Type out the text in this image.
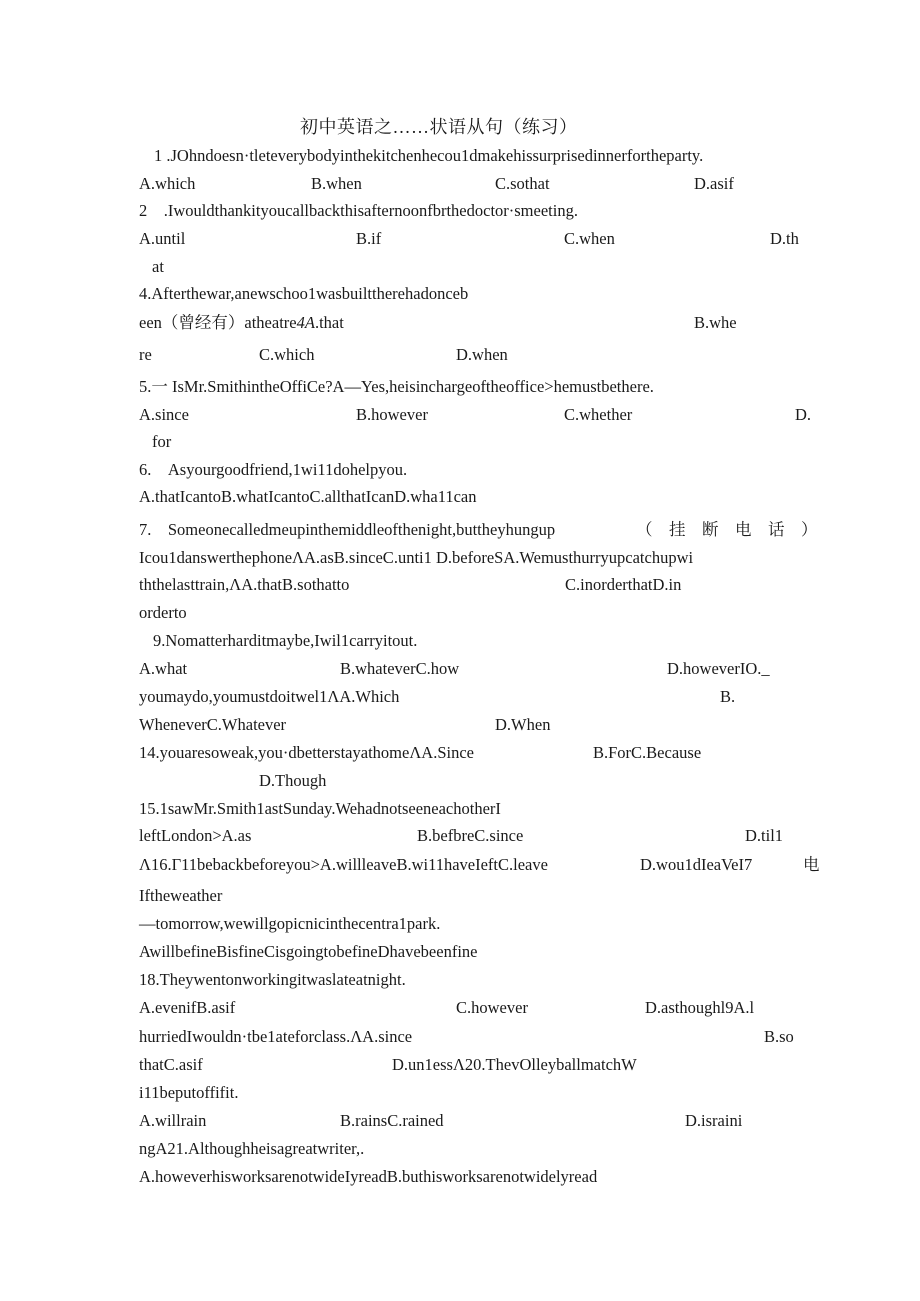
初中英语之……状语从句（练习）
1 .JOhndoesn·tleteverybodyinthekitchenhecou1dmakehissurprisedinnerfortheparty.
A.which	B.when	C.sothat	D.asif
2　.Iwouldthankityoucallbackthisafternoonfbrthedoctor·smeeting.
A.until	B.if	C.when	D.th
at
4.Afterthewar,anewschoo1wasbuilttherehadonceb
een（曾经有）atheatre4A.that	B.whe
re	C.which	D.when
5.一 IsMr.SmithintheOffiCe?A—Yes,heisinchargeoftheoffice>hemustbethere.
A.since	B.however	C.whether	D.
for
6.　Asyourgoodfriend,1wi11dohelpyou.
A.thatIcantoB.whatIcantoC.allthatIcanD.wha11can
7.　Someonecalledmeupinthemiddleofthenight,buttheyhungup	（　挂　断　电　话　）
Icou1danswerthephoneΛA.asB.sinceC.unti1 D.beforeSA.Wemusthurryupcatchupwi
ththelasttrain,ΛA.thatB.sothatto	C.inorderthatD.in
orderto
9.Nomatterharditmaybe,Iwil1carryitout.
A.what	B.whateverC.how	D.howeverIO._
youmaydo,youmustdoitwel1ΛA.Which	B.
WheneverC.Whatever	D.When
14.youaresoweak,you·dbetterstayathomeΛA.Since	B.ForC.Because
D.Though
15.1sawMr.Smith1astSunday.WehadnotseeneachotherI
leftLondon>A.as	B.befbreC.since	D.til1
Λ16.Γ11bebackbeforeyou>A.willleaveB.wi11haveIeftC.leave	D.wou1dIeaVeI7	电
Iftheweather
—tomorrow,wewillgopicnicinthecentra1park.
AwillbefineBisfineCisgoingtobefineDhavebeenfine
18.Theywentonworkingitwaslateatnight.
A.evenifB.asif	C.however	D.asthoughl9A.l
hurriedIwouldn·tbe1ateforclass.ΛA.since	B.so
thatC.asif	D.un1essΛ20.ThevOlleyballmatchW
i11beputoffifit.
A.willrain	B.rainsC.rained	D.israini
ngA21.Althoughheisagreatwriter,.
A.howeverhisworksarenotwideIyreadB.buthisworksarenotwidelyread
